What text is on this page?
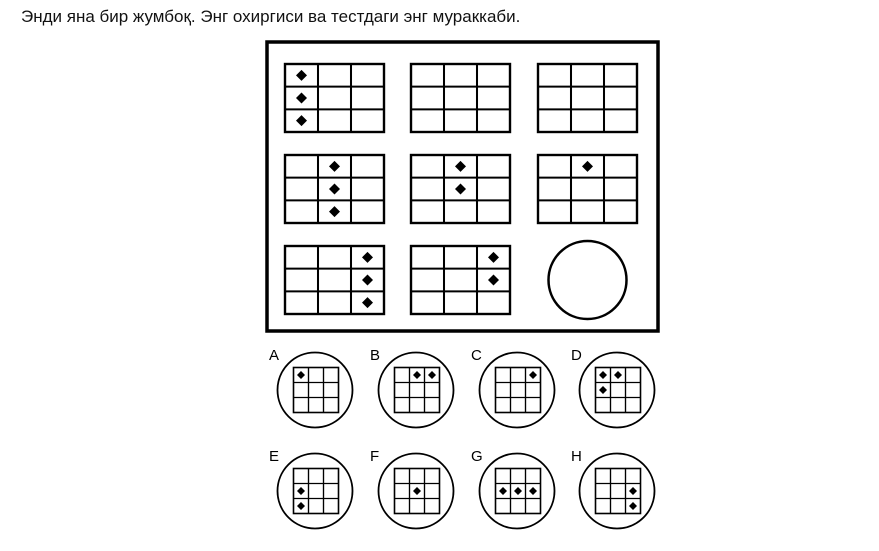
Энди яна бир жумбоқ. Энг охиргиси ва тестдаги энг мураккаби.
A	B	C	D
E	F	G	H
